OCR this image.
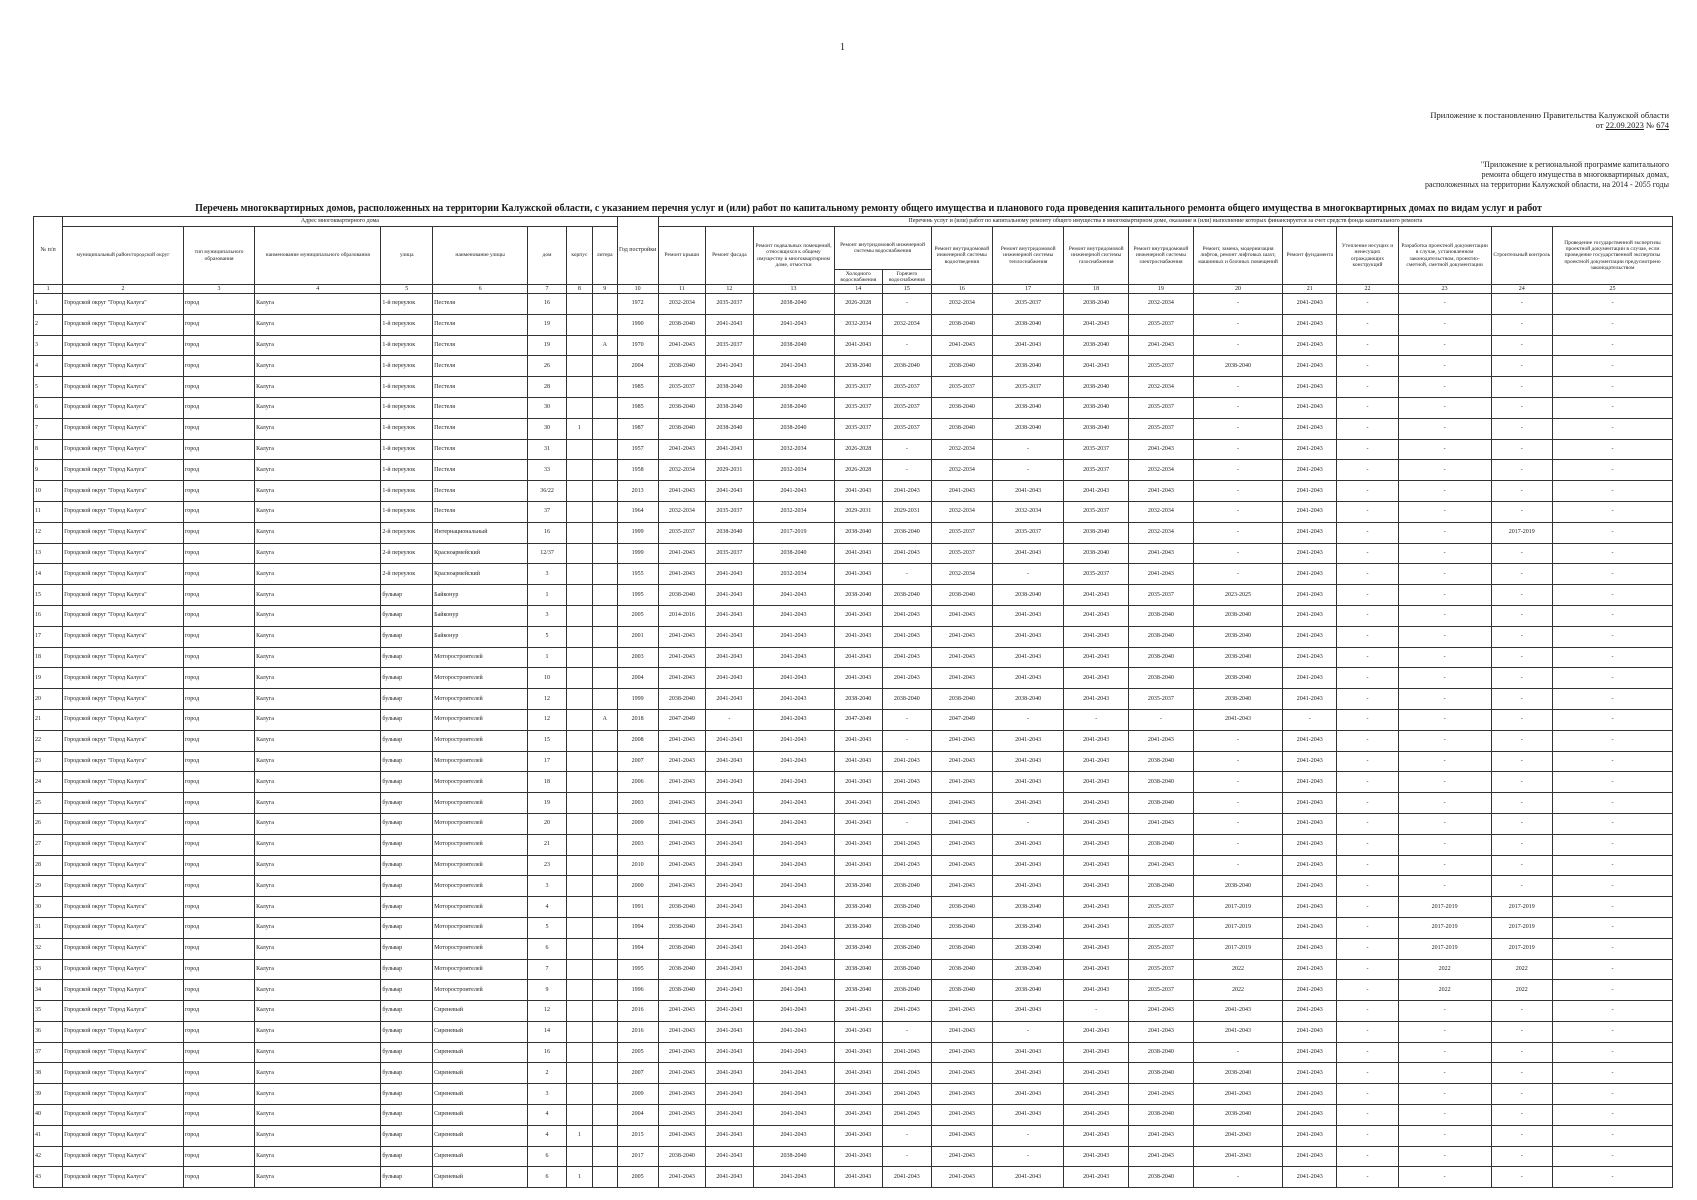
1
Приложение к постановлению Правительства Калужской области
от 22.09.2023 № 674
"Приложение к региональной программе капитального
ремонта общего имущества в многоквартирных домах,
расположенных на территории Калужской области, на 2014 - 2055 годы
Перечень многоквартирных домов, расположенных на территории Калужской области, с указанием перечня услуг и (или) работ по капитальному ремонту общего имущества и планового года проведения капитального ремонта общего имущества в многоквартирных домах по видам услуг и работ
№ п/п	Адрес многоквартирного дома								Год постройки	Перечень услуг и (или) работ по капитальному ремонту общего имущества в многоквартирном доме, оказание и (или) выполнение которых финансируется за счет средств фонда капитального ремонта														
	муниципальный район/городской округ	тип муниципального образования	наименование муниципального образования	улица	наименование улицы	дом	корпус	литера		Ремонт крыши	Ремонт фасада	Ремонт подвальных помещений, относящихся к общему имуществу в многоквартирном доме, отмостки	Ремонт внутридомовой инженерной системы водоснабжения		Ремонт внутридомовой инженерной системы водоотведения	Ремонт внутридомовой инженерной системы теплоснабжения	Ремонт внутридомовой инженерной системы газоснабжения	Ремонт внутридомовой инженерной системы электроснабжения	Ремонт, замена, модернизация лифтов, ремонт лифтовых шахт, машинных и блочных помещений	Ремонт фундамента	Утепление несущих и ненесущих ограждающих конструкций	Разработка проектной документации в случае, установленном законодательством, проектно-сметной, сметной документации	Строительный контроль	Проведение государственной экспертизы проектной документации в случае, если проведение государственной экспертизы проектной документации предусмотрено законодательством
													Холодного водоснабжения	Горячего водоснабжения										
1	2	3	4	5	6	7	8	9	10	11	12	13	14	15	16	17	18	19	20	21	22	23	24	25
1	Городской округ "Город Калуга"	город	Калуга	1-й переулок	Пестеля	16			1972	2032-2034	2035-2037	2038-2040	2026-2028	-	2032-2034	2035-2037	2038-2040	2032-2034	-	2041-2043	-	-	-	-
2	Городской округ "Город Калуга"	город	Калуга	1-й переулок	Пестеля	19			1990	2038-2040	2041-2043	2041-2043	2032-2034	2032-2034	2038-2040	2038-2040	2041-2043	2035-2037	-	2041-2043	-	-	-	-
3	Городской округ "Город Калуга"	город	Калуга	1-й переулок	Пестеля	19		А	1970	2041-2043	2035-2037	2038-2040	2041-2043	-	2041-2043	2041-2043	2038-2040	2041-2043	-	2041-2043	-	-	-	-
4	Городской округ "Город Калуга"	город	Калуга	1-й переулок	Пестеля	26			2004	2038-2040	2041-2043	2041-2043	2038-2040	2038-2040	2038-2040	2038-2040	2041-2043	2035-2037	2038-2040	2041-2043	-	-	-	-
5	Городской округ "Город Калуга"	город	Калуга	1-й переулок	Пестеля	28			1985	2035-2037	2038-2040	2038-2040	2035-2037	2035-2037	2035-2037	2035-2037	2038-2040	2032-2034	-	2041-2043	-	-	-	-
6	Городской округ "Город Калуга"	город	Калуга	1-й переулок	Пестеля	30			1985	2038-2040	2038-2040	2038-2040	2035-2037	2035-2037	2038-2040	2038-2040	2038-2040	2035-2037	-	2041-2043	-	-	-	-
7	Городской округ "Город Калуга"	город	Калуга	1-й переулок	Пестеля	30	1		1987	2038-2040	2038-2040	2038-2040	2035-2037	2035-2037	2038-2040	2038-2040	2038-2040	2035-2037	-	2041-2043	-	-	-	-
8	Городской округ "Город Калуга"	город	Калуга	1-й переулок	Пестеля	31			1957	2041-2043	2041-2043	2032-2034	2026-2028	-	2032-2034	-	2035-2037	2041-2043	-	2041-2043	-	-	-	-
9	Городской округ "Город Калуга"	город	Калуга	1-й переулок	Пестеля	33			1958	2032-2034	2029-2031	2032-2034	2026-2028	-	2032-2034	-	2035-2037	2032-2034	-	2041-2043	-	-	-	-
10	Городской округ "Город Калуга"	город	Калуга	1-й переулок	Пестеля	36/22			2013	2041-2043	2041-2043	2041-2043	2041-2043	2041-2043	2041-2043	2041-2043	2041-2043	2041-2043	-	2041-2043	-	-	-	-
11	Городской округ "Город Калуга"	город	Калуга	1-й переулок	Пестеля	37			1964	2032-2034	2035-2037	2032-2034	2029-2031	2029-2031	2032-2034	2032-2034	2035-2037	2032-2034	-	2041-2043	-	-	-	-
12	Городской округ "Город Калуга"	город	Калуга	2-й переулок	Интернациональный	16			1999	2035-2037	2038-2040	2017-2019	2038-2040	2038-2040	2035-2037	2035-2037	2038-2040	2032-2034	-	2041-2043	-	-	2017-2019	-
13	Городской округ "Город Калуга"	город	Калуга	2-й переулок	Красноармейский	12/37			1999	2041-2043	2035-2037	2038-2040	2041-2043	2041-2043	2035-2037	2041-2043	2038-2040	2041-2043	-	2041-2043	-	-	-	-
14	Городской округ "Город Калуга"	город	Калуга	2-й переулок	Красноармейский	3			1955	2041-2043	2041-2043	2032-2034	2041-2043	-	2032-2034	-	2035-2037	2041-2043	-	2041-2043	-	-	-	-
15	Городской округ "Город Калуга"	город	Калуга	бульвар	Байконур	1			1995	2038-2040	2041-2043	2041-2043	2038-2040	2038-2040	2038-2040	2038-2040	2041-2043	2035-2037	2023-2025	2041-2043	-	-	-	-
16	Городской округ "Город Калуга"	город	Калуга	бульвар	Байконур	3			2005	2014-2016	2041-2043	2041-2043	2041-2043	2041-2043	2041-2043	2041-2043	2041-2043	2038-2040	2038-2040	2041-2043	-	-	-	-
17	Городской округ "Город Калуга"	город	Калуга	бульвар	Байконур	5			2001	2041-2043	2041-2043	2041-2043	2041-2043	2041-2043	2041-2043	2041-2043	2041-2043	2038-2040	2038-2040	2041-2043	-	-	-	-
18	Городской округ "Город Калуга"	город	Калуга	бульвар	Моторостроителей	1			2003	2041-2043	2041-2043	2041-2043	2041-2043	2041-2043	2041-2043	2041-2043	2041-2043	2038-2040	2038-2040	2041-2043	-	-	-	-
19	Городской округ "Город Калуга"	город	Калуга	бульвар	Моторостроителей	10			2004	2041-2043	2041-2043	2041-2043	2041-2043	2041-2043	2041-2043	2041-2043	2041-2043	2038-2040	2038-2040	2041-2043	-	-	-	-
20	Городской округ "Город Калуга"	город	Калуга	бульвар	Моторостроителей	12			1999	2038-2040	2041-2043	2041-2043	2038-2040	2038-2040	2038-2040	2038-2040	2041-2043	2035-2037	2038-2040	2041-2043	-	-	-	-
21	Городской округ "Город Калуга"	город	Калуга	бульвар	Моторостроителей	12		А	2018	2047-2049	-	2041-2043	2047-2049	-	2047-2049	-	-	-	2041-2043	-	-	-	-	-
22	Городской округ "Город Калуга"	город	Калуга	бульвар	Моторостроителей	15			2008	2041-2043	2041-2043	2041-2043	2041-2043	-	2041-2043	2041-2043	2041-2043	2041-2043	-	2041-2043	-	-	-	-
23	Городской округ "Город Калуга"	город	Калуга	бульвар	Моторостроителей	17			2007	2041-2043	2041-2043	2041-2043	2041-2043	2041-2043	2041-2043	2041-2043	2041-2043	2038-2040	-	2041-2043	-	-	-	-
24	Городской округ "Город Калуга"	город	Калуга	бульвар	Моторостроителей	18			2006	2041-2043	2041-2043	2041-2043	2041-2043	2041-2043	2041-2043	2041-2043	2041-2043	2038-2040	-	2041-2043	-	-	-	-
25	Городской округ "Город Калуга"	город	Калуга	бульвар	Моторостроителей	19			2003	2041-2043	2041-2043	2041-2043	2041-2043	2041-2043	2041-2043	2041-2043	2041-2043	2038-2040	-	2041-2043	-	-	-	-
26	Городской округ "Город Калуга"	город	Калуга	бульвар	Моторостроителей	20			2009	2041-2043	2041-2043	2041-2043	2041-2043	-	2041-2043	-	2041-2043	2041-2043	-	2041-2043	-	-	-	-
27	Городской округ "Город Калуга"	город	Калуга	бульвар	Моторостроителей	21			2003	2041-2043	2041-2043	2041-2043	2041-2043	2041-2043	2041-2043	2041-2043	2041-2043	2038-2040	-	2041-2043	-	-	-	-
28	Городской округ "Город Калуга"	город	Калуга	бульвар	Моторостроителей	23			2010	2041-2043	2041-2043	2041-2043	2041-2043	2041-2043	2041-2043	2041-2043	2041-2043	2041-2043	-	2041-2043	-	-	-	-
29	Городской округ "Город Калуга"	город	Калуга	бульвар	Моторостроителей	3			2000	2041-2043	2041-2043	2041-2043	2038-2040	2038-2040	2041-2043	2041-2043	2041-2043	2038-2040	2038-2040	2041-2043	-	-	-	-
30	Городской округ "Город Калуга"	город	Калуга	бульвар	Моторостроителей	4			1991	2038-2040	2041-2043	2041-2043	2038-2040	2038-2040	2038-2040	2038-2040	2041-2043	2035-2037	2017-2019	2041-2043	-	2017-2019	2017-2019	-
31	Городской округ "Город Калуга"	город	Калуга	бульвар	Моторостроителей	5			1994	2038-2040	2041-2043	2041-2043	2038-2040	2038-2040	2038-2040	2038-2040	2041-2043	2035-2037	2017-2019	2041-2043	-	2017-2019	2017-2019	-
32	Городской округ "Город Калуга"	город	Калуга	бульвар	Моторостроителей	6			1994	2038-2040	2041-2043	2041-2043	2038-2040	2038-2040	2038-2040	2038-2040	2041-2043	2035-2037	2017-2019	2041-2043	-	2017-2019	2017-2019	-
33	Городской округ "Город Калуга"	город	Калуга	бульвар	Моторостроителей	7			1995	2038-2040	2041-2043	2041-2043	2038-2040	2038-2040	2038-2040	2038-2040	2041-2043	2035-2037	2022	2041-2043	-	2022	2022	-
34	Городской округ "Город Калуга"	город	Калуга	бульвар	Моторостроителей	9			1996	2038-2040	2041-2043	2041-2043	2038-2040	2038-2040	2038-2040	2038-2040	2041-2043	2035-2037	2022	2041-2043	-	2022	2022	-
35	Городской округ "Город Калуга"	город	Калуга	бульвар	Сиреневый	12			2016	2041-2043	2041-2043	2041-2043	2041-2043	2041-2043	2041-2043	2041-2043	-	2041-2043	2041-2043	2041-2043	-	-	-	-
36	Городской округ "Город Калуга"	город	Калуга	бульвар	Сиреневый	14			2016	2041-2043	2041-2043	2041-2043	2041-2043	-	2041-2043	-	2041-2043	2041-2043	2041-2043	2041-2043	-	-	-	-
37	Городской округ "Город Калуга"	город	Калуга	бульвар	Сиреневый	16			2005	2041-2043	2041-2043	2041-2043	2041-2043	2041-2043	2041-2043	2041-2043	2041-2043	2038-2040	-	2041-2043	-	-	-	-
38	Городской округ "Город Калуга"	город	Калуга	бульвар	Сиреневый	2			2007	2041-2043	2041-2043	2041-2043	2041-2043	2041-2043	2041-2043	2041-2043	2041-2043	2038-2040	2038-2040	2041-2043	-	-	-	-
39	Городской округ "Город Калуга"	город	Калуга	бульвар	Сиреневый	3			2009	2041-2043	2041-2043	2041-2043	2041-2043	2041-2043	2041-2043	2041-2043	2041-2043	2041-2043	2041-2043	2041-2043	-	-	-	-
40	Городской округ "Город Калуга"	город	Калуга	бульвар	Сиреневый	4			2004	2041-2043	2041-2043	2041-2043	2041-2043	2041-2043	2041-2043	2041-2043	2041-2043	2038-2040	2038-2040	2041-2043	-	-	-	-
41	Городской округ "Город Калуга"	город	Калуга	бульвар	Сиреневый	4	1		2015	2041-2043	2041-2043	2041-2043	2041-2043	-	2041-2043	-	2041-2043	2041-2043	2041-2043	2041-2043	-	-	-	-
42	Городской округ "Город Калуга"	город	Калуга	бульвар	Сиреневый	6			2017	2038-2040	2041-2043	2038-2040	2041-2043	-	2041-2043	-	2041-2043	2041-2043	2041-2043	2041-2043	-	-	-	-
43	Городской округ "Город Калуга"	город	Калуга	бульвар	Сиреневый	6	1		2005	2041-2043	2041-2043	2041-2043	2041-2043	2041-2043	2041-2043	2041-2043	2041-2043	2038-2040	-	2041-2043	-	-	-	-
